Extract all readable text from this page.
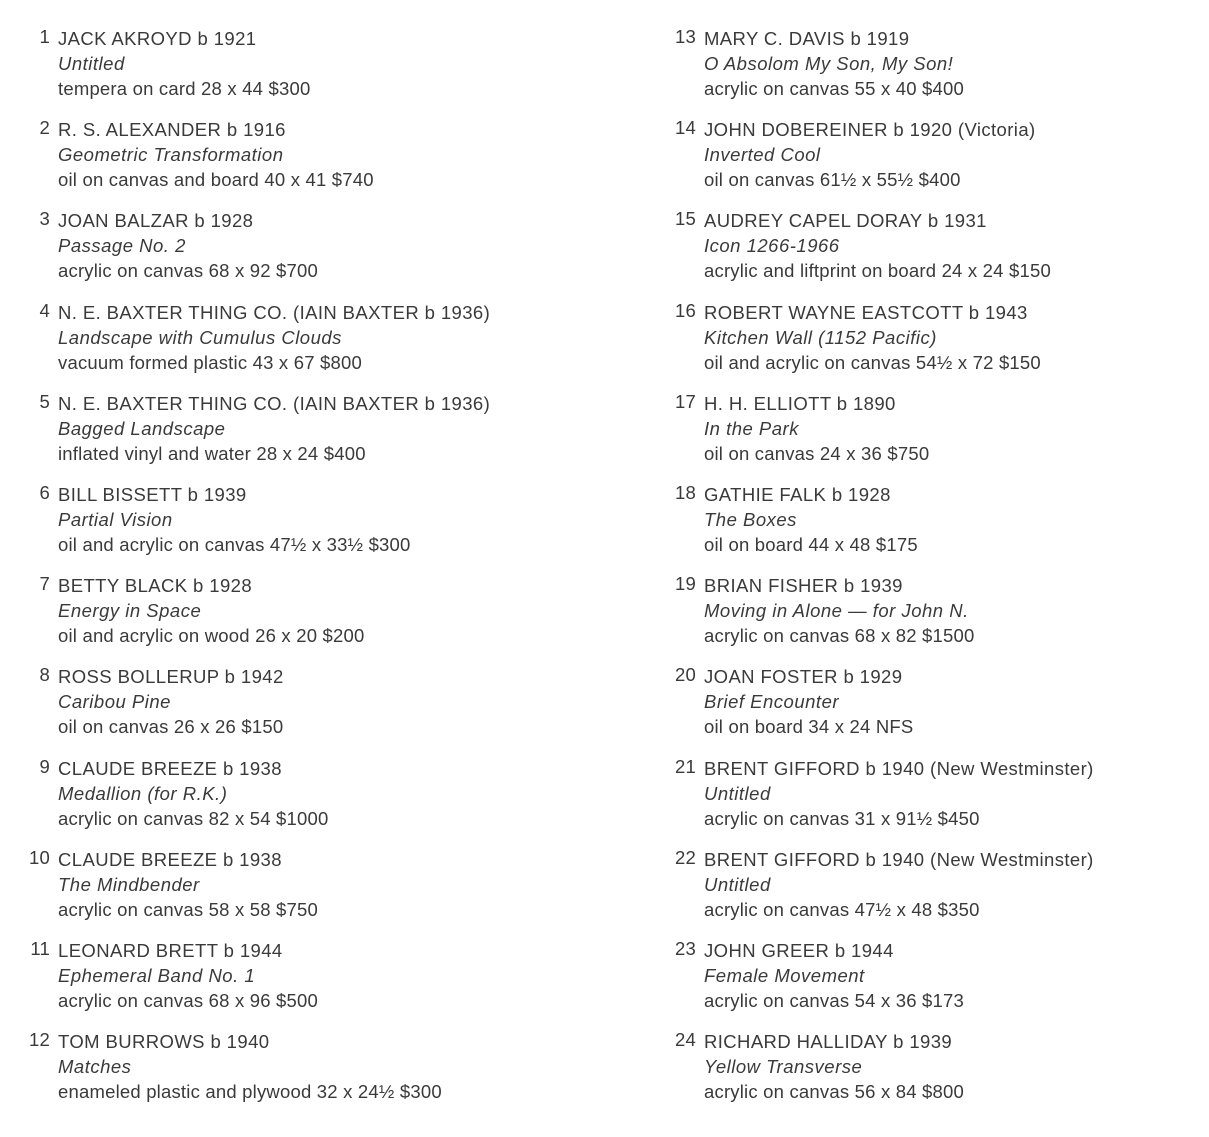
1 JACK AKROYD b 1921
Untitled
tempera on card 28 x 44 $300
2 R. S. ALEXANDER b 1916
Geometric Transformation
oil on canvas and board 40 x 41 $740
3 JOAN BALZAR b 1928
Passage No. 2
acrylic on canvas 68 x 92 $700
4 N. E. BAXTER THING CO. (IAIN BAXTER b 1936)
Landscape with Cumulus Clouds
vacuum formed plastic 43 x 67 $800
5 N. E. BAXTER THING CO. (IAIN BAXTER b 1936)
Bagged Landscape
inflated vinyl and water 28 x 24 $400
6 BILL BISSETT b 1939
Partial Vision
oil and acrylic on canvas 47½ x 33½ $300
7 BETTY BLACK b 1928
Energy in Space
oil and acrylic on wood 26 x 20 $200
8 ROSS BOLLERUP b 1942
Caribou Pine
oil on canvas 26 x 26 $150
9 CLAUDE BREEZE b 1938
Medallion (for R.K.)
acrylic on canvas 82 x 54 $1000
10 CLAUDE BREEZE b 1938
The Mindbender
acrylic on canvas 58 x 58 $750
11 LEONARD BRETT b 1944
Ephemeral Band No. 1
acrylic on canvas 68 x 96 $500
12 TOM BURROWS b 1940
Matches
enameled plastic and plywood 32 x 24½ $300
13 MARY C. DAVIS b 1919
O Absolom My Son, My Son!
acrylic on canvas 55 x 40 $400
14 JOHN DOBEREINER b 1920 (Victoria)
Inverted Cool
oil on canvas 61½ x 55½ $400
15 AUDREY CAPEL DORAY b 1931
Icon 1266-1966
acrylic and liftprint on board 24 x 24 $150
16 ROBERT WAYNE EASTCOTT b 1943
Kitchen Wall (1152 Pacific)
oil and acrylic on canvas 54½ x 72 $150
17 H. H. ELLIOTT b 1890
In the Park
oil on canvas 24 x 36 $750
18 GATHIE FALK b 1928
The Boxes
oil on board 44 x 48 $175
19 BRIAN FISHER b 1939
Moving in Alone — for John N.
acrylic on canvas 68 x 82 $1500
20 JOAN FOSTER b 1929
Brief Encounter
oil on board 34 x 24 NFS
21 BRENT GIFFORD b 1940 (New Westminster)
Untitled
acrylic on canvas 31 x 91½ $450
22 BRENT GIFFORD b 1940 (New Westminster)
Untitled
acrylic on canvas 47½ x 48 $350
23 JOHN GREER b 1944
Female Movement
acrylic on canvas 54 x 36 $173
24 RICHARD HALLIDAY b 1939
Yellow Transverse
acrylic on canvas 56 x 84 $800
